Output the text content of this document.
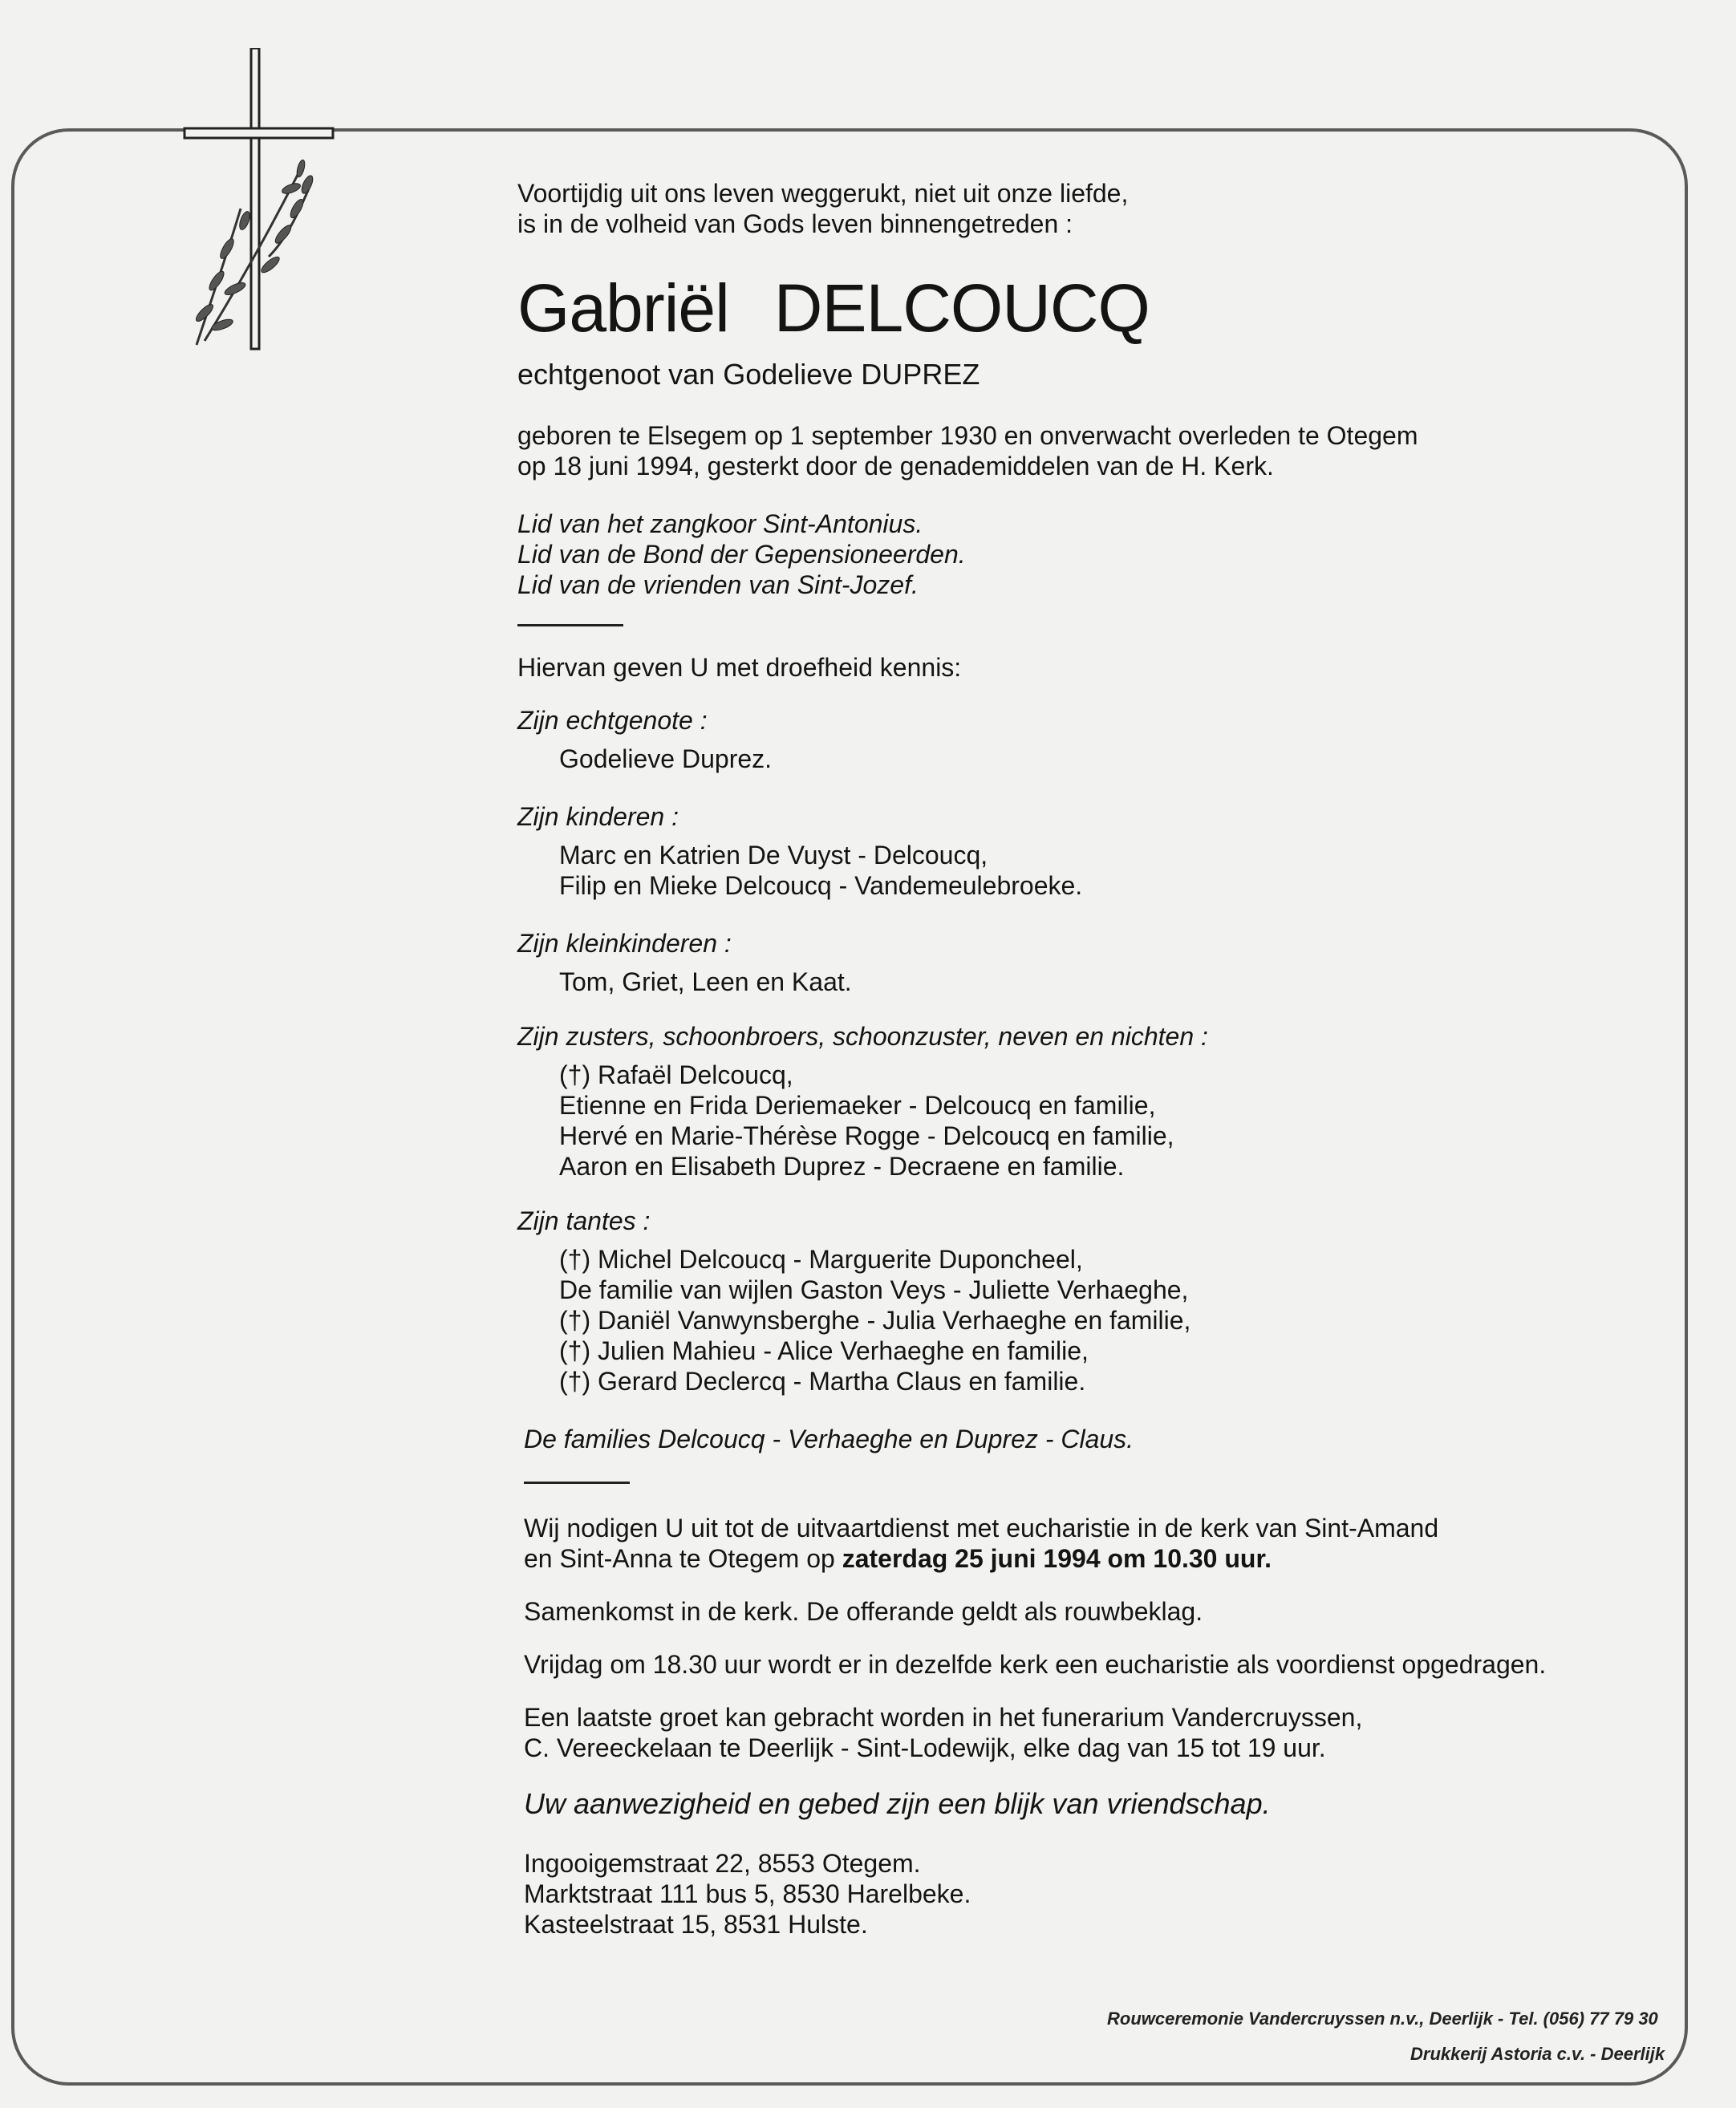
Voortijdig uit ons leven weggerukt, niet uit onze liefde,

is in de volheid van Gods leven binnengetreden :

Gabriël DELCOUCQ

echtgenoot van Godelieve DUPREZ

geboren te Elsegem op 1 september 1930 en onverwacht overleden te Otegem

op 18 juni 1994, gesterkt door de genademiddelen van de H. Kerk.

Lid van het zangkoor Sint-Antonius.

Lid van de Bond der Gepensioneerden.

Lid van de vrienden van Sint-Jozef.

Hiervan geven U met droefheid kennis:

Zijn echtgenote :

Godelieve Duprez.

Zijn kinderen :

Marc en Katrien De Vuyst - Delcoucq,

Filip en Mieke Delcoucq - Vandemeulebroeke.

Zijn kleinkinderen :

Tom, Griet, Leen en Kaat.

Zijn zusters, schoonbroers, schoonzuster, neven en nichten :

(†) Rafaël Delcoucq,

Etienne en Frida Deriemaeker - Delcoucq en familie,

Hervé en Marie-Thérèse Rogge - Delcoucq en familie,

Aaron en Elisabeth Duprez - Decraene en familie.

Zijn tantes :

(†) Michel Delcoucq - Marguerite Duponcheel,

De familie van wijlen Gaston Veys - Juliette Verhaeghe,

(†) Daniël Vanwynsberghe - Julia Verhaeghe en familie,

(†) Julien Mahieu - Alice Verhaeghe en familie,

(†) Gerard Declercq - Martha Claus en familie.

De families Delcoucq - Verhaeghe en Duprez - Claus.

Wij nodigen U uit tot de uitvaartdienst met eucharistie in de kerk van Sint-Amand

en Sint-Anna te Otegem op zaterdag 25 juni 1994 om 10.30 uur.

Samenkomst in de kerk. De offerande geldt als rouwbeklag.

Vrijdag om 18.30 uur wordt er in dezelfde kerk een eucharistie als voordienst opgedragen.

Een laatste groet kan gebracht worden in het funerarium Vandercruyssen,

C. Vereeckelaan te Deerlijk - Sint-Lodewijk, elke dag van 15 tot 19 uur.

Uw aanwezigheid en gebed zijn een blijk van vriendschap.

Ingooigemstraat 22, 8553 Otegem.

Marktstraat 111 bus 5, 8530 Harelbeke.

Kasteelstraat 15, 8531 Hulste.

Rouwceremonie Vandercruyssen n.v., Deerlijk - Tel. (056) 77 79 30
Drukkerij Astoria c.v. - Deerlijk
